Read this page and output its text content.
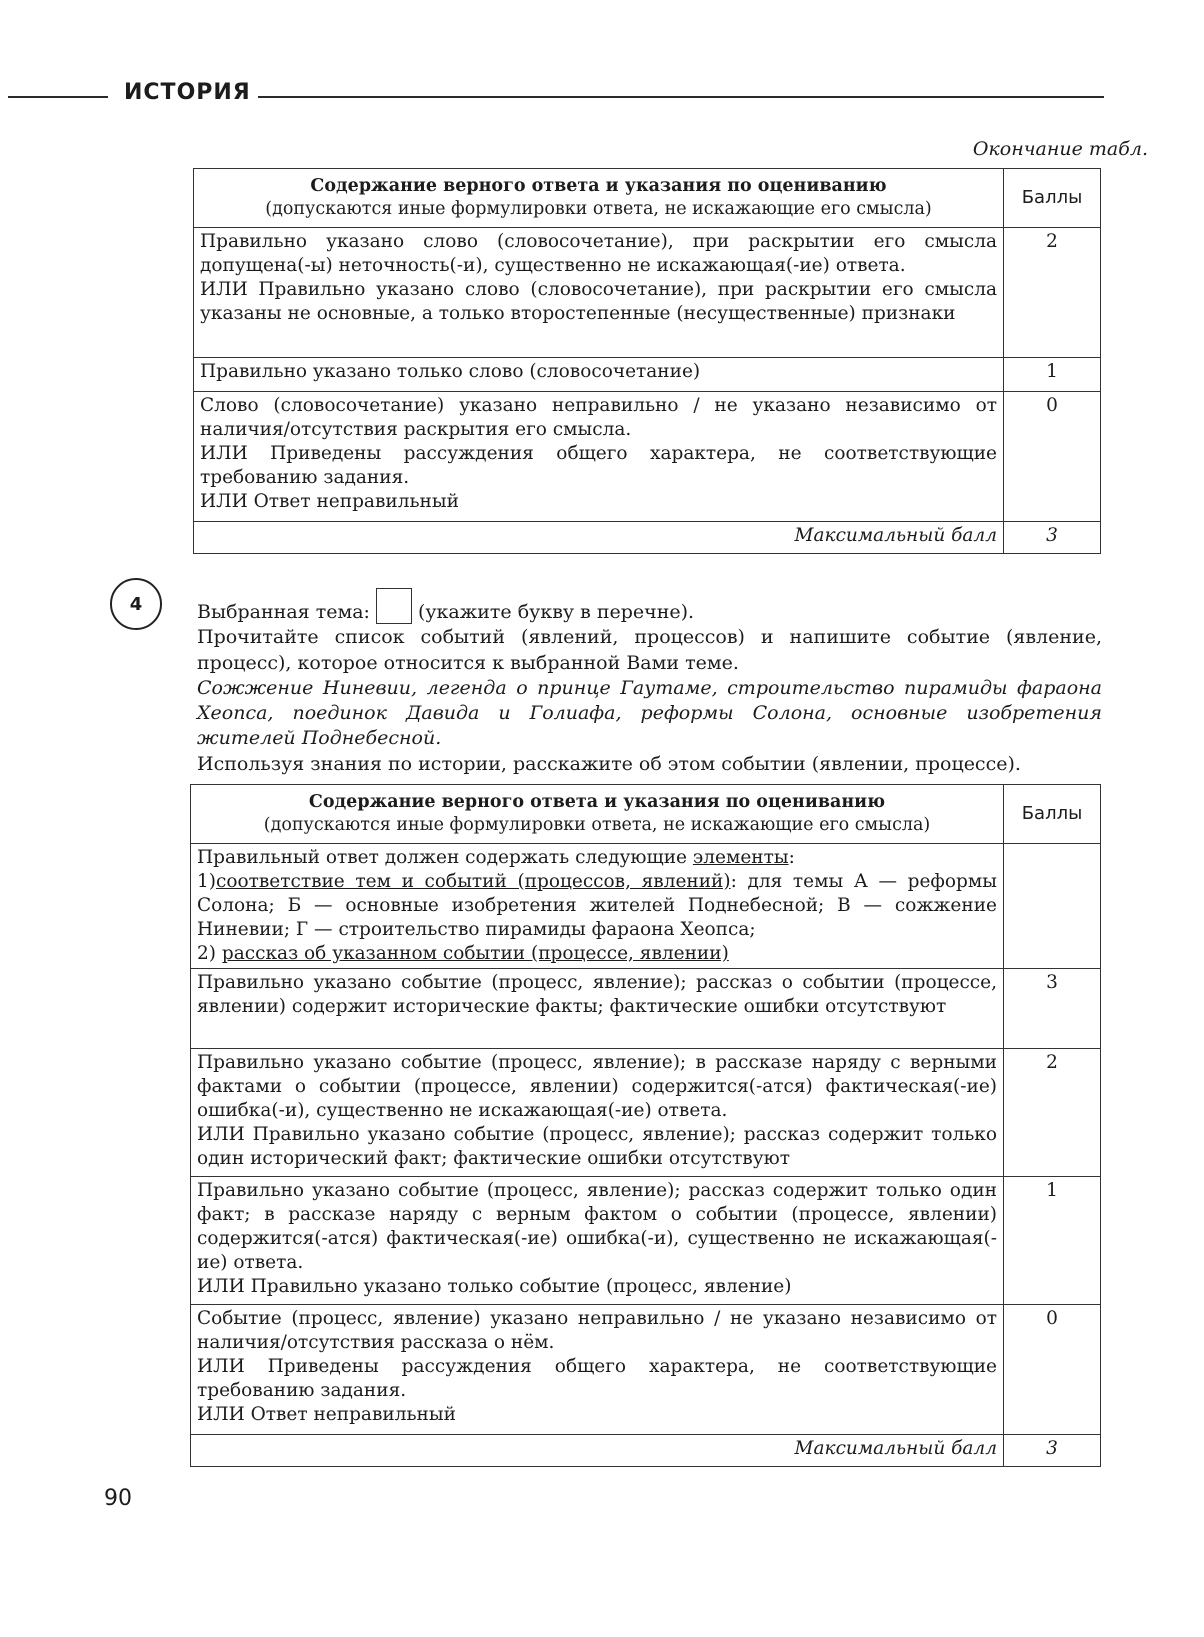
ИСТОРИЯ
Окончание табл.
Содержание верного ответа и указания по оцениванию
(допускаются иные формулировки ответа, не искажающие его смысла)	Баллы

Правильно указано слово (словосочетание), при раскрытии его смысла допущена(-ы) неточность(-и), существенно не искажающая(-ие) ответа.
ИЛИ Правильно указано слово (словосочетание), при раскрытии его смысла указаны не основные, а только второстепенные (несущественные) признаки	2

Правильно указано только слово (словосочетание)	1

Слово (словосочетание) указано неправильно / не указано независимо от наличия/отсутствия раскрытия его смысла.
ИЛИ Приведены рассуждения общего характера, не соответствующие требованию задания.
ИЛИ Ответ неправильный	0
Максимальный балл	3
4	Выбранная тема:	(укажите букву в перечне).

Прочитайте список событий (явлений, процессов) и напишите событие (явление, процесс), которое относится к выбранной Вами теме.

Сожжение Ниневии, легенда о принце Гаутаме, строительство пирамиды фараона Хеопса, поединок Давида и Голиафа, реформы Солона, основные изобретения жителей Поднебесной.

Используя знания по истории, расскажите об этом событии (явлении, процессе).

Содержание верного ответа и указания по оцениванию
(допускаются иные формулировки ответа, не искажающие его смысла)	Баллы

Правильный ответ должен содержать следующие элементы:
1)соответствие тем и событий (процессов, явлений): для темы А — реформы Солона; Б — основные изобретения жителей Поднебесной; В — сожжение Ниневии; Г — строительство пирамиды фараона Хеопса;
2) рассказ об указанном событии (процессе, явлении)	

Правильно указано событие (процесс, явление); рассказ о событии (процессе, явлении) содержит исторические факты; фактические ошибки отсутствуют	3

Правильно указано событие (процесс, явление); в рассказе наряду с верными фактами о событии (процессе, явлении) содержится(-атся) фактическая(-ие) ошибка(-и), существенно не искажающая(-ие) ответа.
ИЛИ Правильно указано событие (процесс, явление); рассказ содержит только один исторический факт; фактические ошибки отсутствуют	2

Правильно указано событие (процесс, явление); рассказ содержит только один факт; в рассказе наряду с верным фактом о событии (процессе, явлении) содержится(-атся) фактическая(-ие) ошибка(-и), существенно не искажающая(-ие) ответа.
ИЛИ Правильно указано только событие (процесс, явление)	1

Событие (процесс, явление) указано неправильно / не указано независимо от наличия/отсутствия рассказа о нём.
ИЛИ Приведены рассуждения общего характера, не соответствующие требованию задания.
ИЛИ Ответ неправильный	0
Максимальный балл	3
90
